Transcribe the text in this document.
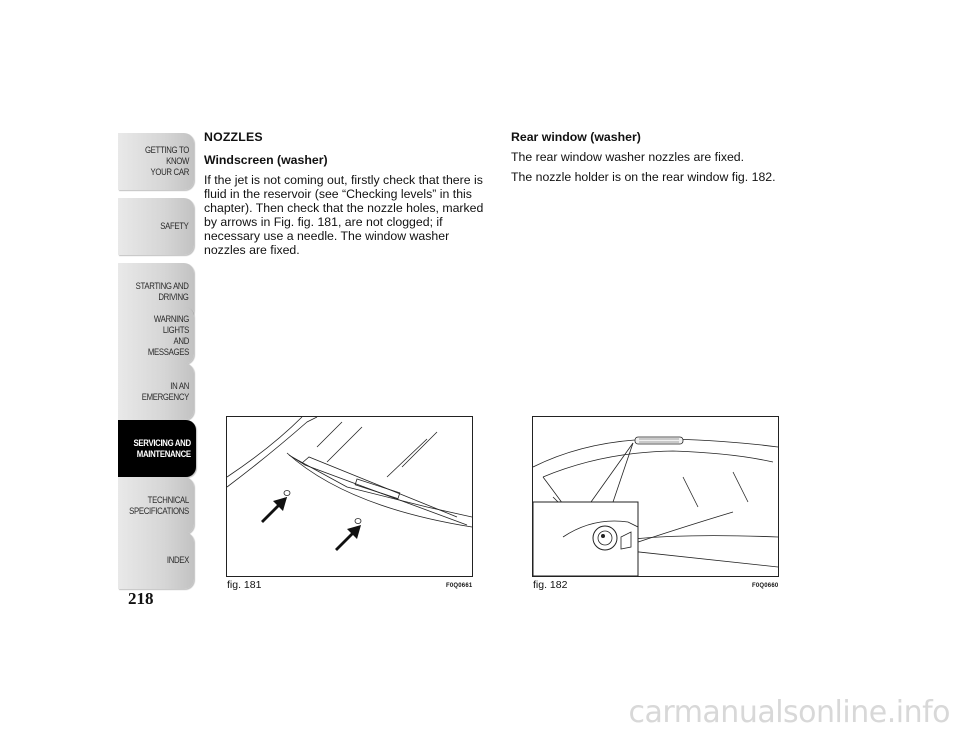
GETTING TO KNOW
YOUR CAR
SAFETY
STARTING AND
DRIVING
WARNING LIGHTS
AND MESSAGES
IN AN EMERGENCY
SERVICING AND
MAINTENANCE
TECHNICAL
SPECIFICATIONS
INDEX
218
NOZZLES
Windscreen (washer)

If the jet is not coming out, firstly check that there is fluid in the reservoir (see “Checking levels” in this chapter). Then check that the nozzle holes, marked by arrows in Fig. fig. 181, are not clogged; if necessary use a needle. The window washer nozzles are fixed.

Rear window (washer)

The rear window washer nozzles are fixed.

The nozzle holder is on the rear window fig. 182.

fig. 181	F0Q0661	fig. 182	F0Q0660
carmanualsonline.info
